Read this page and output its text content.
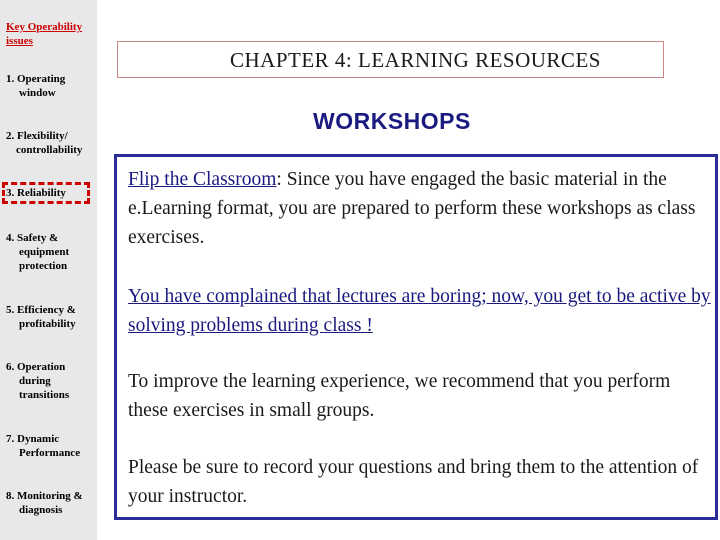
Key Operability issues
1. Operating
window
2. Flexibility/
controllability
3. Reliability
4. Safety &
equipment protection
5. Efficiency &
profitability
6. Operation
during transitions
7. Dynamic
Performance
8. Monitoring &
diagnosis
CHAPTER 4: LEARNING RESOURCES
WORKSHOPS
Flip the Classroom: Since you have engaged the basic material in the e.Learning format, you are prepared to perform these workshops as class exercises.
You have complained that lectures are boring; now, you get to be active by solving problems during class !
To improve the learning experience, we recommend that you perform these exercises in small groups.
Please be sure to record your questions and bring them to the attention of your instructor.
